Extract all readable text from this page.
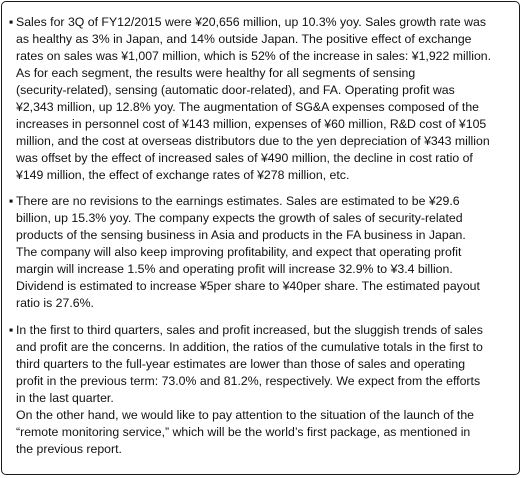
▪ Sales for 3Q of FY12/2015 were ¥20,656 million, up 10.3% yoy. Sales growth rate was
as healthy as 3% in Japan, and 14% outside Japan. The positive effect of exchange
rates on sales was ¥1,007 million, which is 52% of the increase in sales: ¥1,922 million.
As for each segment, the results were healthy for all segments of sensing
(security-related), sensing (automatic door-related), and FA. Operating profit was
¥2,343 million, up 12.8% yoy. The augmentation of SG&A expenses composed of the
increases in personnel cost of ¥143 million, expenses of ¥60 million, R&D cost of ¥105
million, and the cost at overseas distributors due to the yen depreciation of ¥343 million
was offset by the effect of increased sales of ¥490 million, the decline in cost ratio of
¥149 million, the effect of exchange rates of ¥278 million, etc.
▪ There are no revisions to the earnings estimates. Sales are estimated to be ¥29.6
billion, up 15.3% yoy. The company expects the growth of sales of security-related
products of the sensing business in Asia and products in the FA business in Japan.
The company will also keep improving profitability, and expect that operating profit
margin will increase 1.5% and operating profit will increase 32.9% to ¥3.4 billion.
Dividend is estimated to increase ¥5per share to ¥40per share. The estimated payout
ratio is 27.6%.
▪ In the first to third quarters, sales and profit increased, but the sluggish trends of sales
and profit are the concerns. In addition, the ratios of the cumulative totals in the first to
third quarters to the full-year estimates are lower than those of sales and operating
profit in the previous term: 73.0% and 81.2%, respectively. We expect from the efforts
in the last quarter.
On the other hand, we would like to pay attention to the situation of the launch of the
“remote monitoring service,” which will be the world’s first package, as mentioned in
the previous report.
